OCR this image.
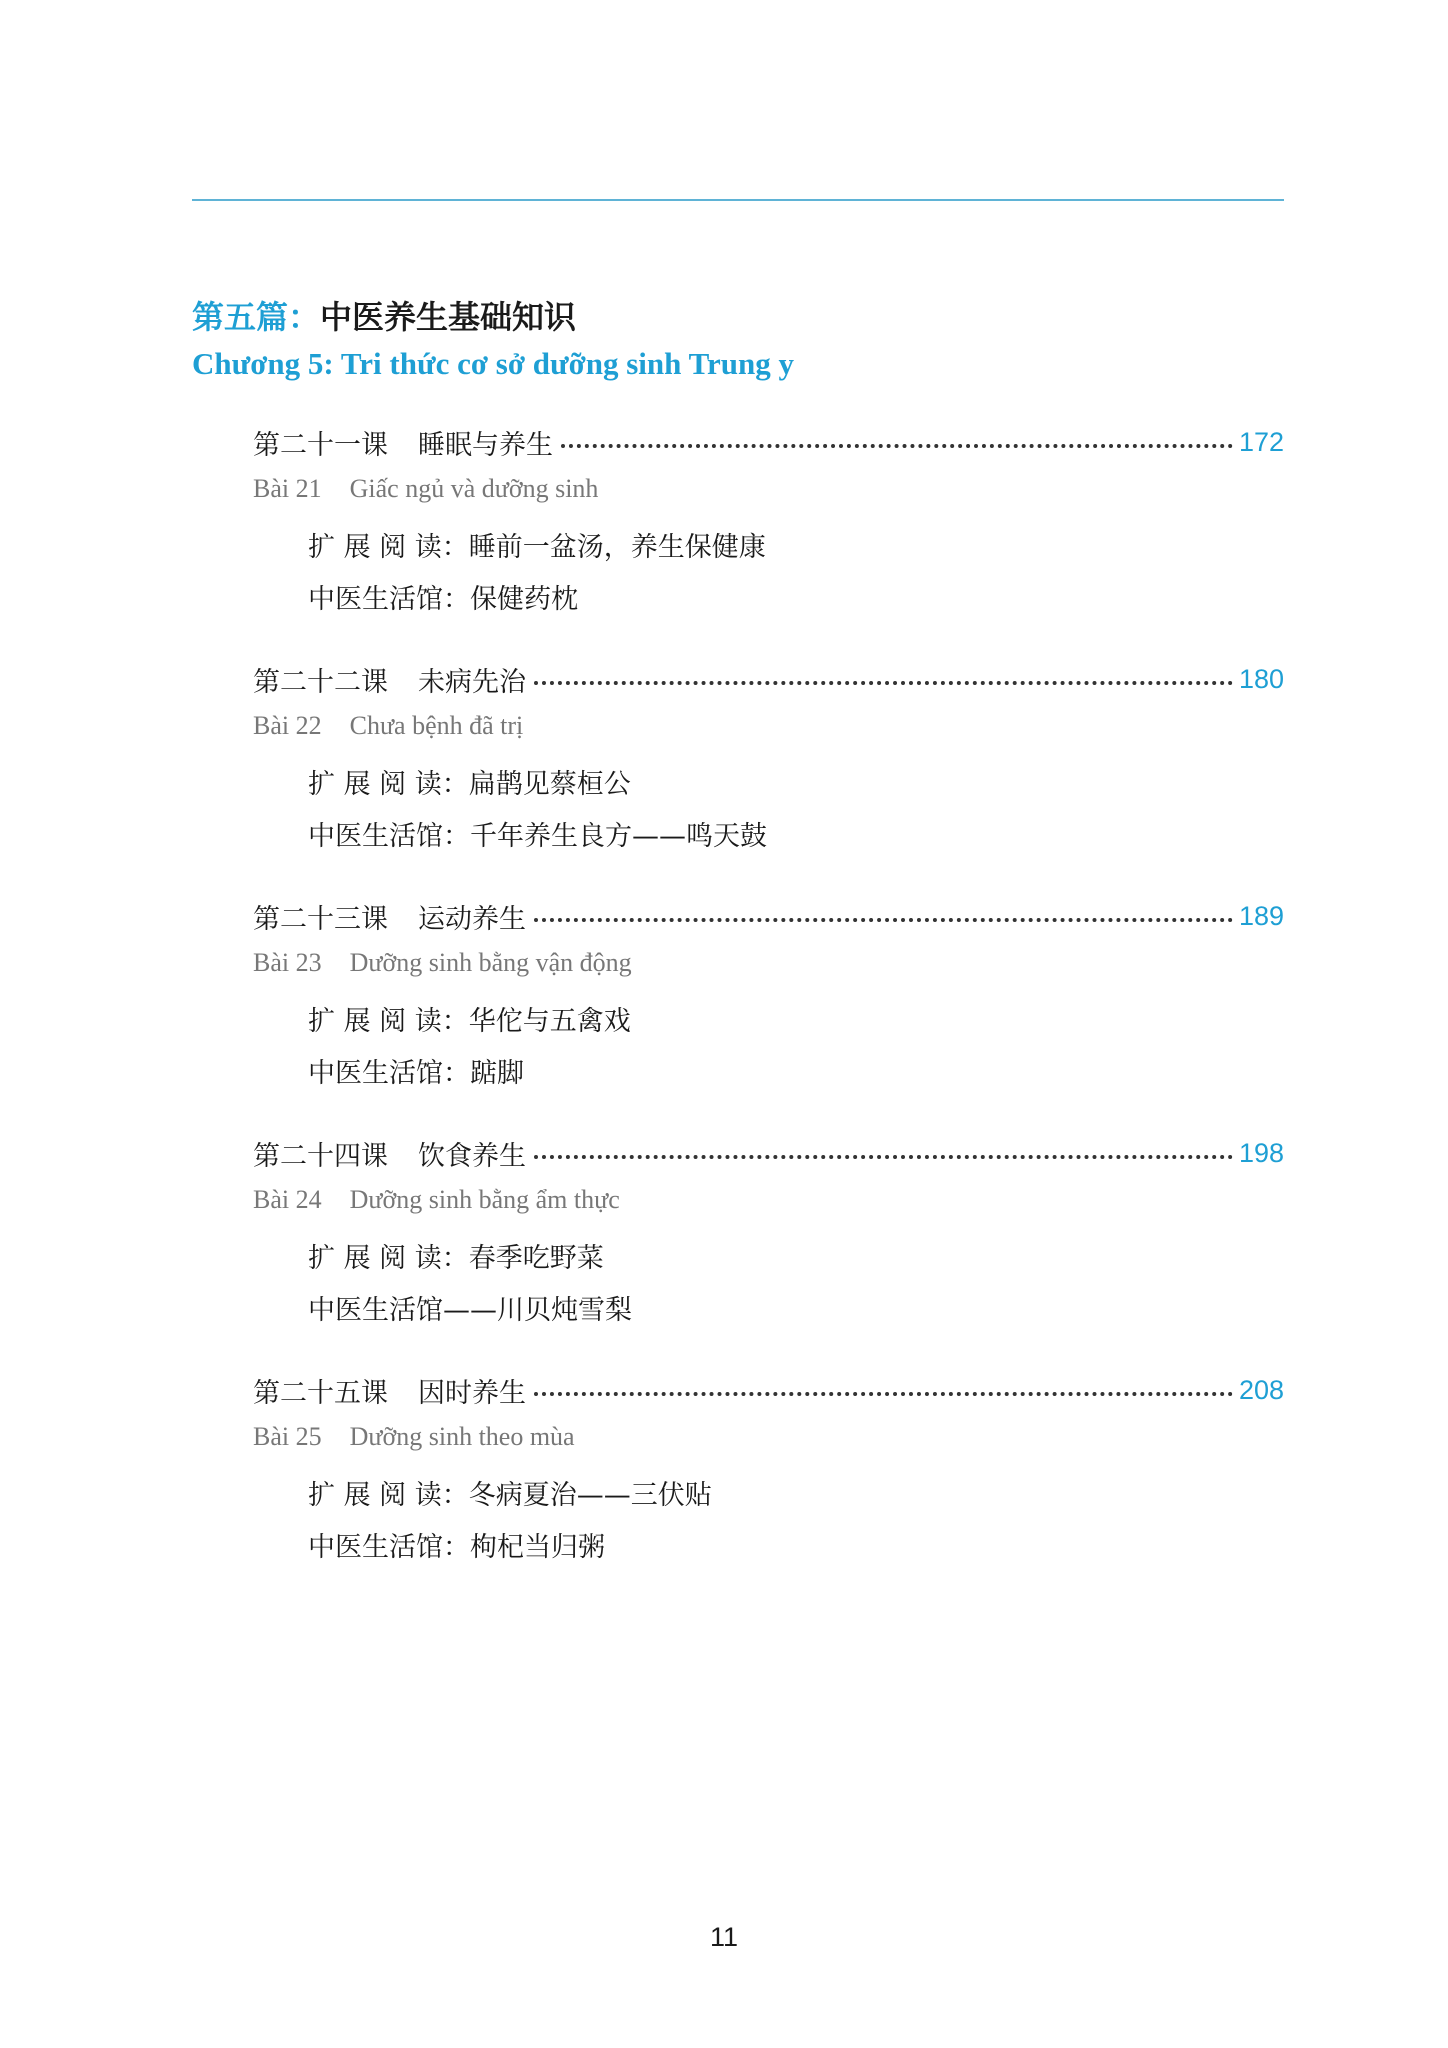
第五篇：中医养生基础知识
Chương 5: Tri thức cơ sở dưỡng sinh Trung y
第二十一课 睡眠与养生	172
Bài 21 Giấc ngủ và dưỡng sinh
扩 展 阅 读：睡前一盆汤，养生保健康
中医生活馆：保健药枕
第二十二课 未病先治	180
Bài 22 Chưa bệnh đã trị
扩 展 阅 读：扁鹊见蔡桓公
中医生活馆：千年养生良方——鸣天鼓
第二十三课 运动养生	189
Bài 23 Dưỡng sinh bằng vận động
扩 展 阅 读：华佗与五禽戏
中医生活馆：踮脚
第二十四课 饮食养生	198
Bài 24 Dưỡng sinh bằng ẩm thực
扩 展 阅 读：春季吃野菜
中医生活馆——川贝炖雪梨
第二十五课 因时养生	208
Bài 25 Dưỡng sinh theo mùa
扩 展 阅 读：冬病夏治——三伏贴
中医生活馆：枸杞当归粥
11
